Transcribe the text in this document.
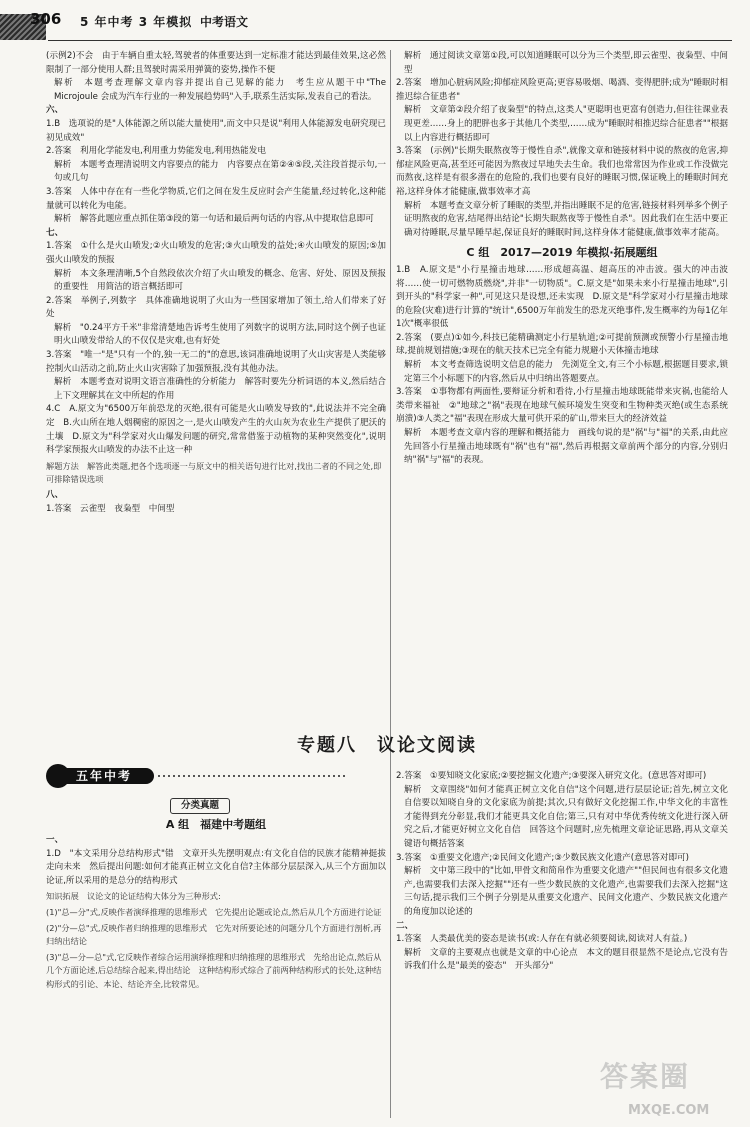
306 5 年中考 3 年模拟 中考语文

(示例2)不会　由于车辆自重太轻,驾驶者的体重要达到一定标准才能达到最佳效果,这必然限制了一部分使用人群;且驾驶时需采用弹簧的姿势,操作不便

解析　本题考查理解文章内容并提出自己见解的能力　考生应从题干中"The Microjoule 会成为汽车行业的一种发展趋势吗"入手,联系生活实际,发表自己的看法。

六、

1.B　选项说的是"人体能源之所以能大量使用",而文中只是说"利用人体能源发电研究现已初见成效"

2.答案　利用化学能发电,利用重力势能发电,利用热能发电

解析　本题考查理清说明文内容要点的能力　内容要点在第②④⑤段,关注段首提示句,一句或几句

3.答案　人体中存在有一些化学物质,它们之间在发生反应时会产生能量,经过转化,这种能量就可以转化为电能。

解析　解答此题应重点抓住第③段的第一句话和最后两句话的内容,从中提取信息即可

七、

1.答案　①什么是火山喷发;②火山喷发的危害;③火山喷发的益处;④火山喷发的原因;⑤加强火山喷发的预报

解析　本文条理清晰,5个自然段依次介绍了火山喷发的概念、危害、好处、原因及预报的重要性　用简洁的语言概括即可

2.答案　举例子,列数字　具体准确地说明了火山为一些国家增加了领土,给人们带来了好处

解析　"0.24平方千米"非常清楚地告诉考生使用了列数字的说明方法,同时这个例子也证明火山喷发带给人的不仅仅是灾难,也有好处

3.答案　"唯一"是"只有一个的,独一无二的"的意思,该词准确地说明了火山灾害是人类能够控制火山活动之前,防止火山灾害除了加强预报,没有其他办法。

解析　本题考查对说明文语言准确性的分析能力　解答时要先分析词语的本义,然后结合上下文理解其在文中所起的作用

4.C　A.原文为"6500万年前恐龙的灭绝,很有可能是火山喷发导致的",此说法并不完全确定　B.火山所在地人烟稠密的原因之一,是火山喷发产生的火山灰为农业生产提供了肥沃的土壤　D.原文为"科学家对火山爆发问题的研究,常常借鉴于动植物的某种突然变化",说明科学家预报火山喷发的办法不止这一种

解题方法　解答此类题,把各个选项逐一与原文中的相关语句进行比对,找出二者的不同之处,即可排除错误选项

八、

1.答案　云雀型　夜枭型　中间型

解析　通过阅读文章第①段,可以知道睡眠可以分为三个类型,即云雀型、夜枭型、中间型

2.答案　增加心脏病风险;抑郁症风险更高;更容易吸烟、喝酒、变得肥胖;成为"睡眠时相推迟综合征患者"

解析　文章第②段介绍了夜枭型"的特点,这类人"更聪明也更富有创造力,但往往课业表现更差……身上的肥胖也多于其他几个类型,……成为"睡眠时相推迟综合征患者""根据以上内容进行概括即可

3.答案　(示例)"长期失眠熬夜等于慢性自杀",就像文章和链接材料中说的熬夜的危害,抑郁症风险更高,甚至还可能因为熬夜过早地失去生命。我们也常常因为作业或工作没做完而熬夜,这样是有很多潜在的危险的,我们也要有良好的睡眠习惯,保证晚上的睡眠时间充裕,这样身体才能健康,做事效率才高

解析　本题考查文章分析了睡眠的类型,并指出睡眠不足的危害,链接材料列举多个例子证明熬夜的危害,结尾得出结论"长期失眠熬夜等于慢性自杀"。因此我们在生活中要正确对待睡眠,尽量早睡早起,保证良好的睡眠时间,这样身体才能健康,做事效率才能高。

C 组　2017—2019 年模拟·拓展题组

1.B　A.原文是"小行星撞击地球……形成超高温、超高压的冲击波。强大的冲击波将……使一切可燃物质燃烧",并非"一切物质"。C.原文是"如果未来小行星撞击地球",引到开头的"科学家一种",可见这只是设想,还未实现　D.原文是"科学家对小行星撞击地球的危险(灾难)进行计算的"统计",6500万年前发生的恐龙灭绝事件,发生概率约为每1亿年1次"概率很低

2.答案　(要点)①如今,科技已能精确测定小行星轨道;②可提前预测或预警小行星撞击地球,提前规划措施;③现在的航天技术已完全有能力规避小天体撞击地球

解析　本文考查筛选说明文信息的能力　先浏览全文,有三个小标题,根据题目要求,锁定第三个小标题下的内容,然后从中归纳出答题要点。

3.答案　①事物都有两面性,要辩证分析和看待,小行星撞击地球既能带来灾祸,也能给人类带来福祉　②"地球之"祸"表现在地球气候环境发生突变和生物种类灭绝(或生态系统崩溃)③人类之"福"表现在形成大量可供开采的矿山,带来巨大的经济效益

解析　本题考查文章内容的理解和概括能力　画线句说的是"祸"与"福"的关系,由此应先回答小行星撞击地球既有"祸"也有"福",然后再根据文章前两个部分的内容,分别归纳"祸"与"福"的表现。

专题八　议论文阅读
五年中考
分类真题
A 组　福建中考题组

一、

1.D　"本文采用分总结构形式"错　文章开头先摆明观点:有文化自信的民族才能精神挺拔走向未来　然后提出问题:如何才能真正树立文化自信?主体部分层层深入,从三个方面加以论证,所以采用的是总分的结构形式

知识拓展　议论文的论证结构大体分为三种形式:

(1)"总—分"式,反映作者演绎推理的思维形式　它先提出论题或论点,然后从几个方面进行论证

(2)"分—总"式,反映作者归纳推理的思维形式　它先对所要论述的问题分几个方面进行剖析,再归纳出结论

(3)"总—分—总"式,它反映作者综合运用演绎推理和归纳推理的思维形式　先给出论点,然后从几个方面论述,后总结综合起来,得出结论　这种结构形式综合了前两种结构形式的长处,这种结构形式的引论、本论、结论齐全,比较常见。

2.答案　①要知晓文化家底;②要挖掘文化遗产;③要深入研究文化。(意思答对即可)

解析　文章围绕"如何才能真正树立文化自信"这个问题,进行层层论证;首先,树立文化自信要以知晓自身的文化家底为前提;其次,只有做好文化挖掘工作,中华文化的丰富性才能得到充分彰显,我们才能更具文化自信;第三,只有对中华优秀传统文化进行深入研究之后,才能更好树立文化自信　回答这个问题时,应先梳理文章论证思路,再从文章关键语句概括答案

3.答案　①重要文化遗产;②民间文化遗产;③少数民族文化遗产(意思答对即可)

解析　文中第三段中的"比如,甲骨文和简帛作为重要文化遗产""但民间也有很多文化遗产,也需要我们去深入挖掘""还有一些少数民族的文化遗产,也需要我们去深入挖掘"这三句话,提示我们三个例子分别是从重要文化遗产、民间文化遗产、少数民族文化遗产的角度加以论述的

二、

1.答案　人类最优美的姿态是读书(或:人存在有就必须要阅读,阅读对人有益。)

解析　文章的主要观点也就是文章的中心论点　本文的题目很显然不是论点,它没有告诉我们什么是"最美的姿态"　开头部分"

答案圈
MXQE.COM
